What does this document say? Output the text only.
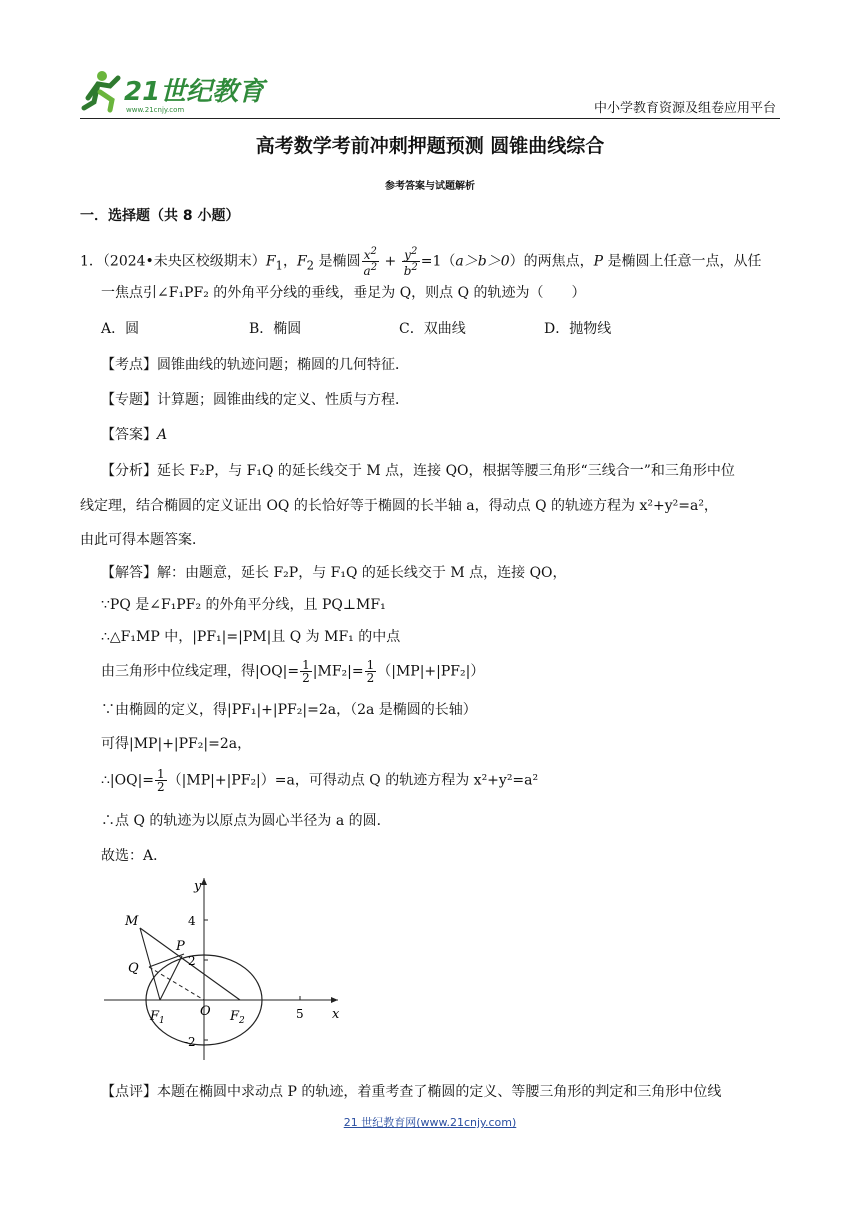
21世纪教育
www.21cnjy.com	中小学教育资源及组卷应用平台
高考数学考前冲刺押题预测 圆锥曲线综合
参考答案与试题解析
一．选择题（共 8 小题）
1．（2024•未央区校级期末）$F_1$，$F_2$ 是椭圆 $\frac{x^2}{a^2} + \frac{y^2}{b^2} =1(a>b>0)$的两焦点，P 是椭圆上任意一点，从任
一焦点引∠F₁PF₂ 的外角平分线的垂线，垂足为 Q，则点 Q 的轨迹为（　　）
A．圆	B．椭圆	C．双曲线	D．抛物线
【考点】圆锥曲线的轨迹问题；椭圆的几何特征．
【专题】计算题；圆锥曲线的定义、性质与方程．
【答案】A
【分析】延长 F₂P，与 F₁Q 的延长线交于 M 点，连接 QO，根据等腰三角形“三线合一”和三角形中位
线定理，结合椭圆的定义证出 OQ 的长恰好等于椭圆的长半轴 a，得动点 Q 的轨迹方程为 x²+y²=a²，
由此可得本题答案．
【解答】解：由题意，延长 F₂P，与 F₁Q 的延长线交于 M 点，连接 QO，
∵PQ 是∠F₁PF₂ 的外角平分线，且 PQ⊥MF₁
∴△F₁MP 中，|PF₁|=|PM|且 Q 为 MF₁ 的中点
由三角形中位线定理，得$|OQ|= \frac{1}{2} |MF_2|= \frac{1}{2} (|MP|+|PF_2|)$
∵由椭圆的定义，得|PF₁|+|PF₂|=2a，（2a 是椭圆的长轴）
可得|MP|+|PF₂|=2a，
∴|OQ|= $\frac{1}{2} (|MP|+|PF_2|)=a$，可得动点 Q 的轨迹方程为 x²+y²=a²
∴点 Q 的轨迹为以原点为圆心半径为 a 的圆．
故选：A．
M
P
Q
O
$F_1$	$F_2$	x
y
4
2
-2
5
【点评】本题在椭圆中求动点 P 的轨迹，着重考查了椭圆的定义、等腰三角形的判定和三角形中位线
21 世纪教育网(www.21cnjy.com)
